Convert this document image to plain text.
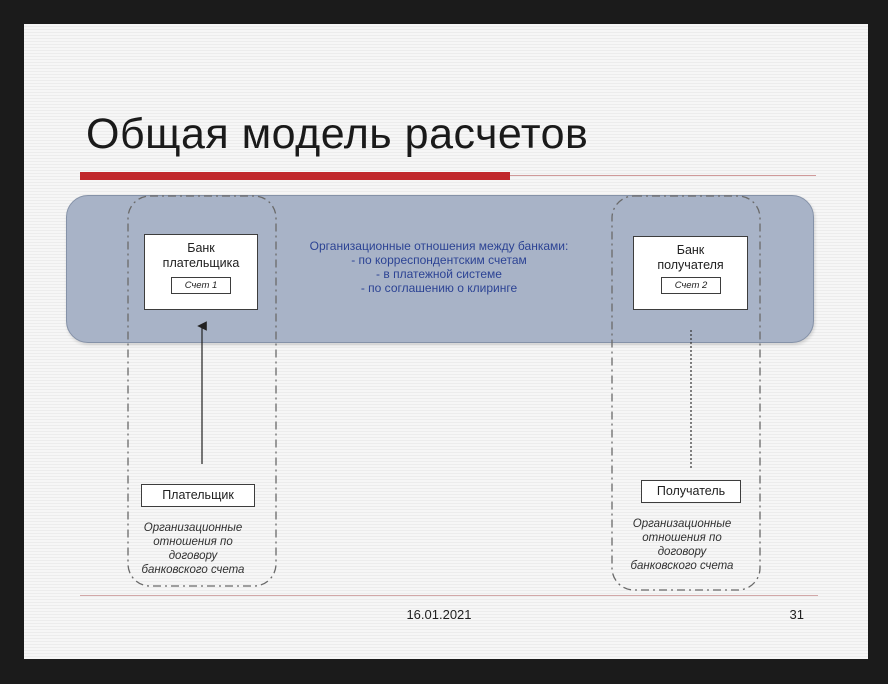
Общая модель расчетов
Банк
плательщика
Счет 1
Организационные отношения между банками:
- по корреспондентским счетам
- в платежной системе
- по соглашению о клиринге
Банк
получателя
Счет 2
Плательщик	Получатель
Организационные
отношения по
договору
банковского счета
Организационные
отношения по
договору
банковского счета
16.01.2021	31
